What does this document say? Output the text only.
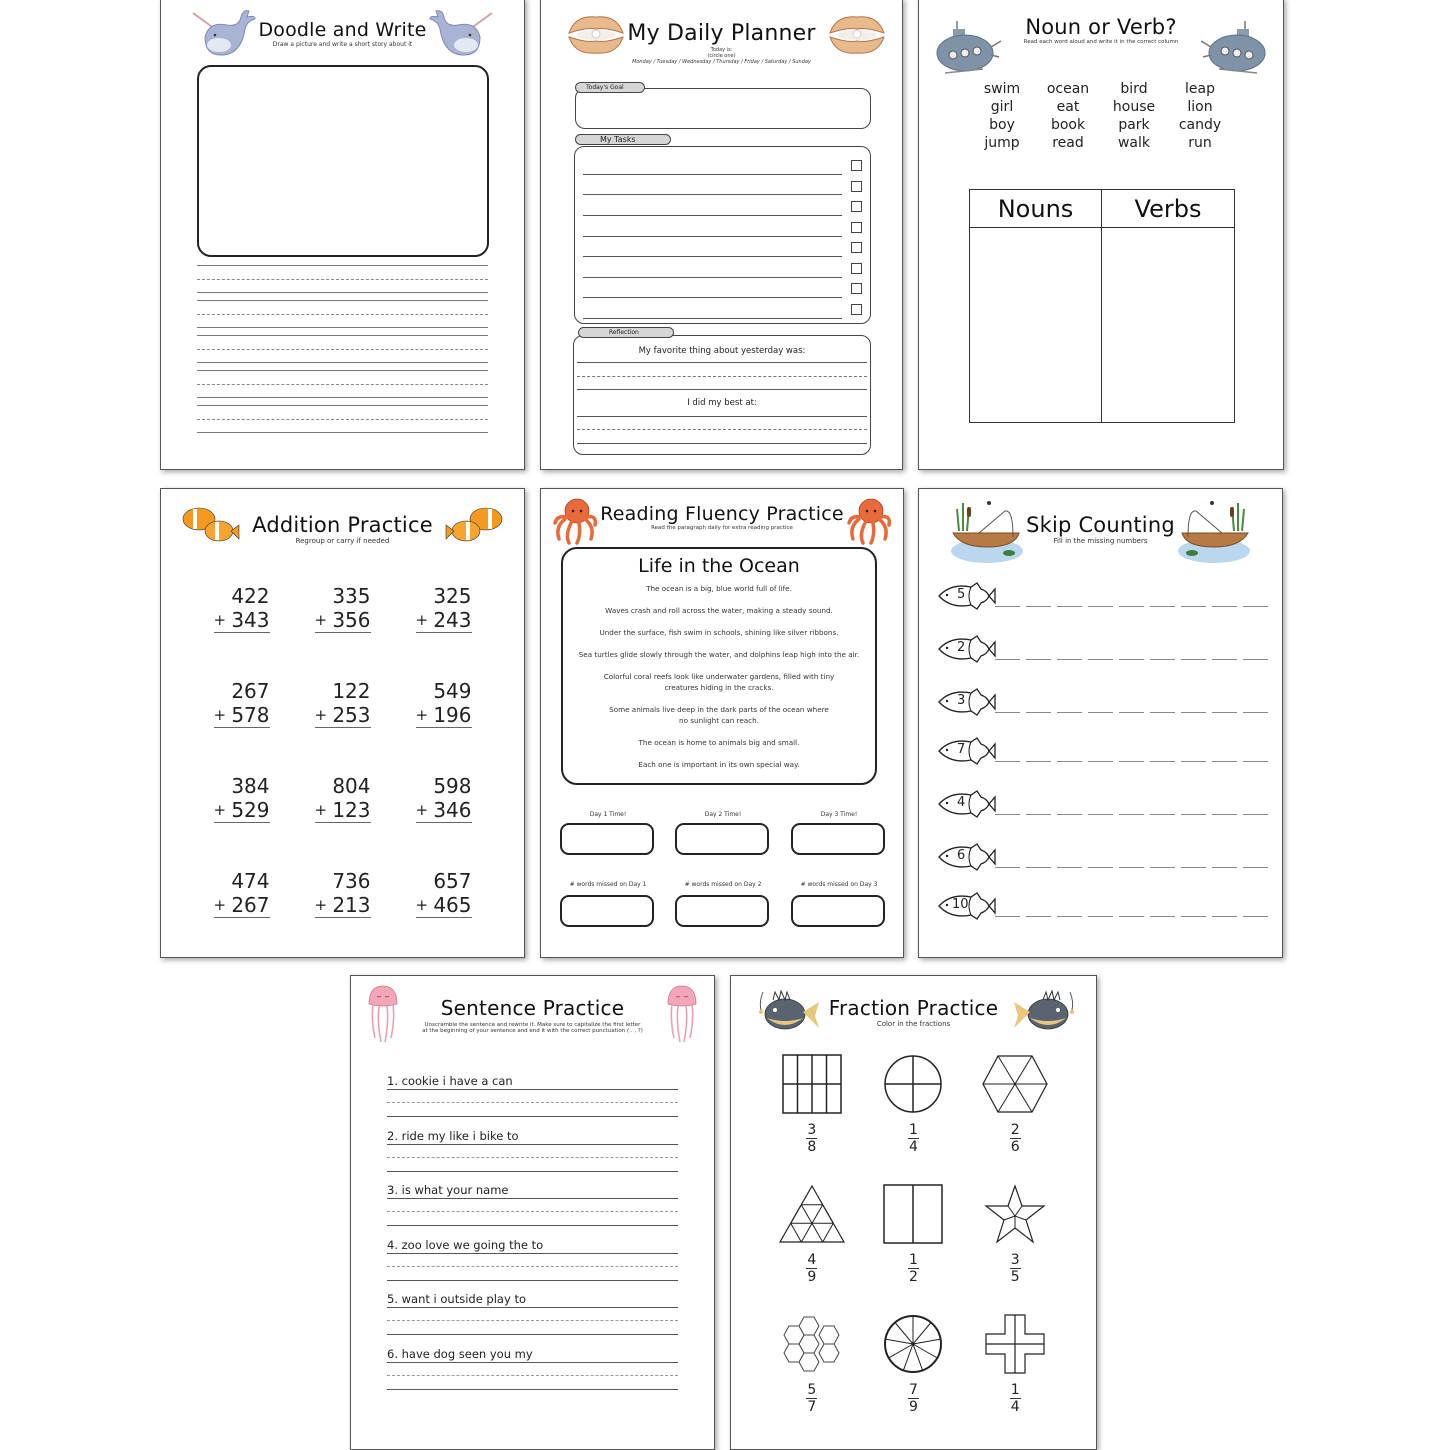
Doodle and Write
Draw a picture and write a short story about it	My Daily Planner
Today is:
(circle one)
Monday / Tuesday / Wednesday / Thursday / Friday / Saturday / Sunday
Today's Goal
My Tasks
My favorite thing about yesterday was:
I did my best at:
Reflection
Noun or Verb?
Read each word aloud and write it in the correct column
swim	ocean	bird	leap
girl	eat	house	lion
boy	book	park	candy
jump	read	walk	run
Nouns	Verbs
Addition Practice
Regroup or carry if needed
422
+ 343
335
+ 356
325
+ 243
267
+ 578
122
+ 253
549
+ 196
384
+ 529
804
+ 123
598
+ 346
474
+ 267
736
+ 213
657
+ 465
Reading Fluency Practice
Read the paragraph daily for extra reading practice
Life in the Ocean

The ocean is a big, blue world full of life.

Waves crash and roll across the water, making a steady sound.

Under the surface, fish swim in schools, shining like silver ribbons.

Sea turtles glide slowly through the water, and dolphins leap high into the air.

Colorful coral reefs look like underwater gardens, filled with tiny creatures hiding in the cracks.

Some animals live deep in the dark parts of the ocean where no sunlight can reach.

The ocean is home to animals big and small.

Each one is important in its own special way.

Day 1 Time!	Day 2 Time!	Day 3 Time!
# words missed on Day 1	# words missed on Day 2	# words missed on Day 3
Skip Counting
Fill in the missing numbers
5
2
3
7
4
6
10
Sentence Practice
Unscramble the sentence and rewrite it. Make sure to capitalize the first letter
at the beginning of your sentence and end it with the correct punctuation ( . , ?)
1. cookie i have a can
2. ride my like i bike to
3. is what your name
4. zoo love we going the to
5. want i outside play to
6. have dog seen you my
Fraction Practice
Color in the fractions
$\frac{3}{8}$	$\frac{1}{4}$	$\frac{2}{6}$
$\frac{4}{9}$	$\frac{1}{2}$	$\frac{3}{5}$
$\frac{5}{7}$	$\frac{7}{9}$	$\frac{1}{4}$
